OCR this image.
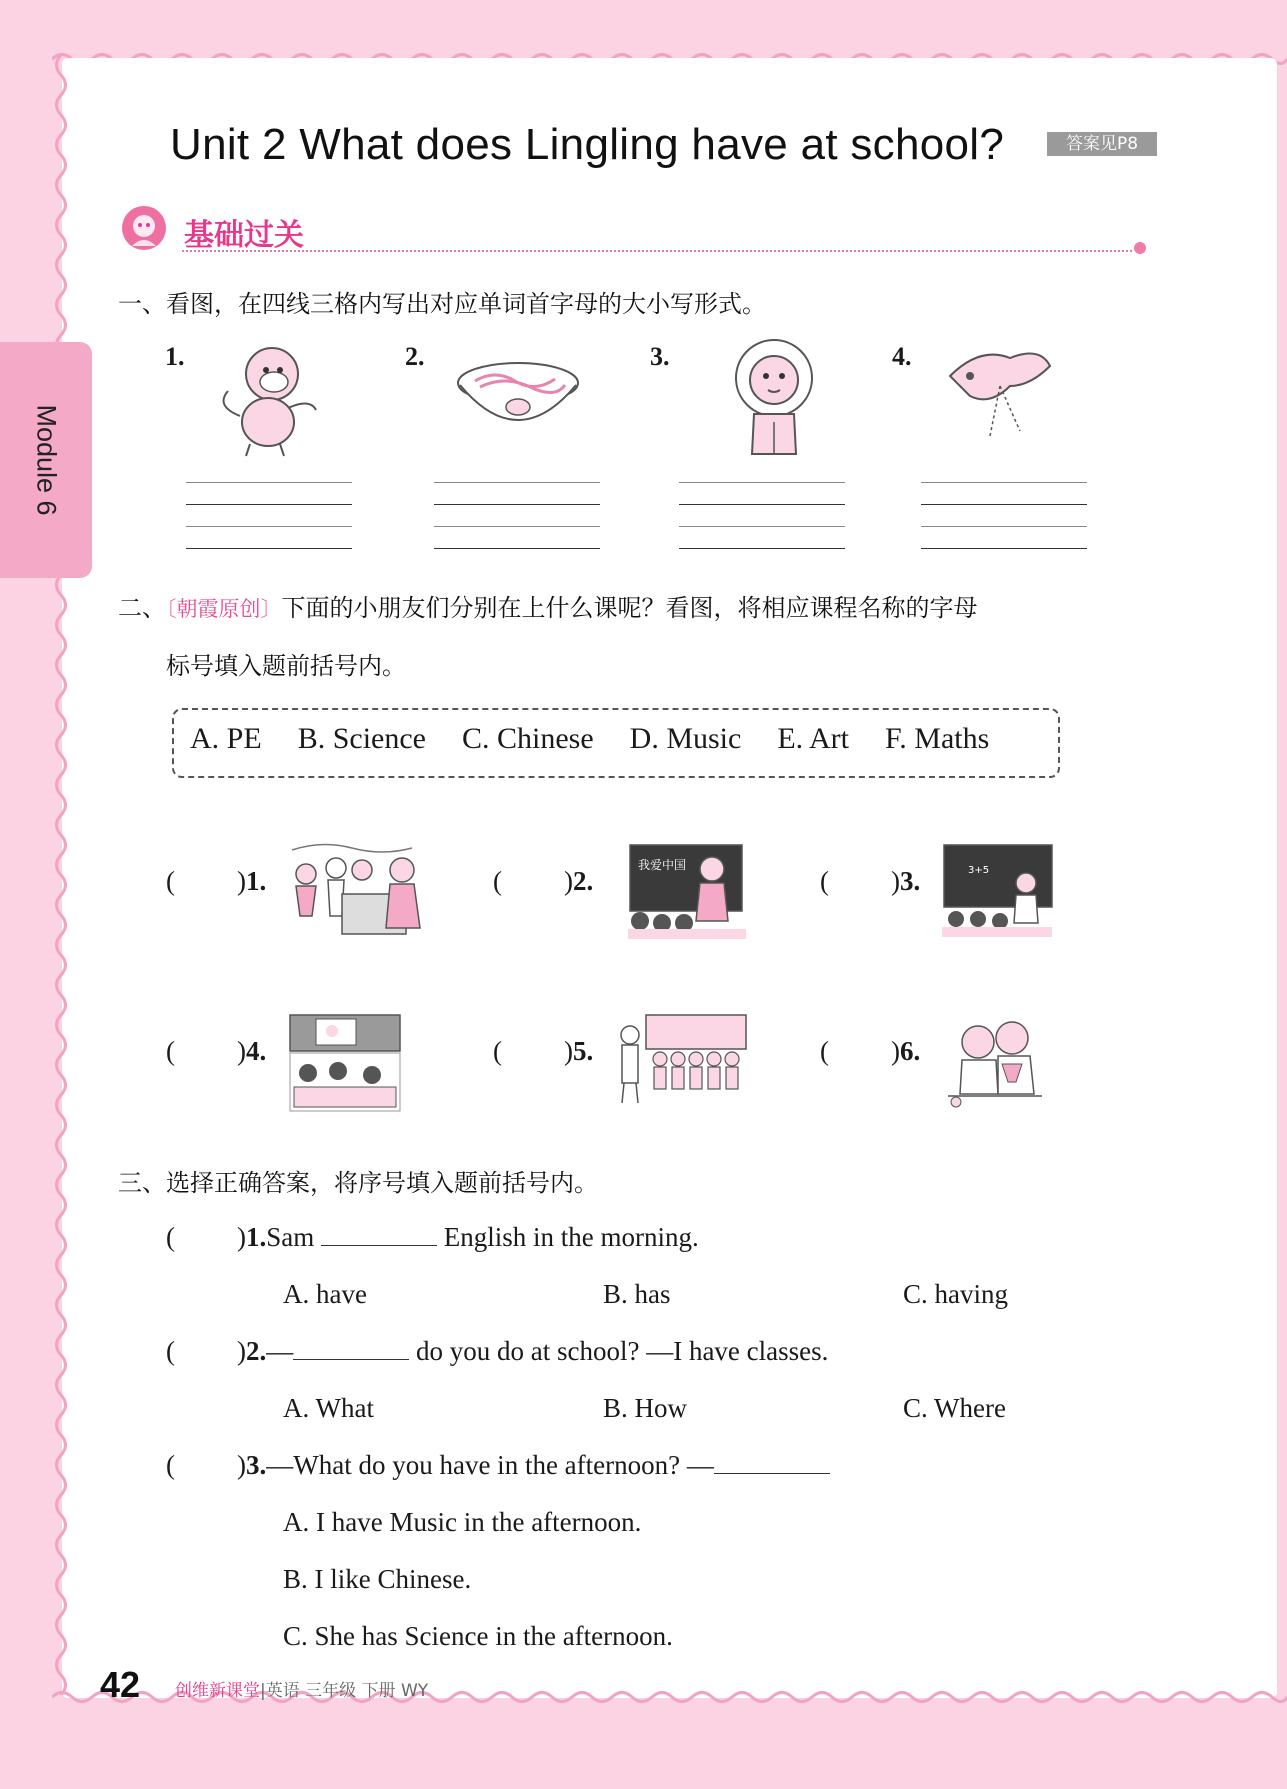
Module 6
Unit 2 What does Lingling have at school?	答案见P8
基础过关
一、看图，在四线三格内写出对应单词首字母的大小写形式。
1.	2.	3.	4.
二、〔朝霞原创〕下面的小朋友们分别在上什么课呢？看图，将相应课程名称的字母
标号填入题前括号内。
A. PE B. Science C. Chinese D. Music E. Art F. Maths
( )1.	( )2.	( )3.
我爱中国	3+5
( )4.	( )5.	( )6.
三、选择正确答案，将序号填入题前括号内。
( )1.Sam	English in the morning.
A. have	B. has	C. having
( )2.—	do you do at school? —I have classes.
A. What	B. How	C. Where
( )3.—What do you have in the afternoon? —
A. I have Music in the afternoon.
B. I like Chinese.
C. She has Science in the afternoon.
42 创维新课堂|英语 三年级 下册 WY
